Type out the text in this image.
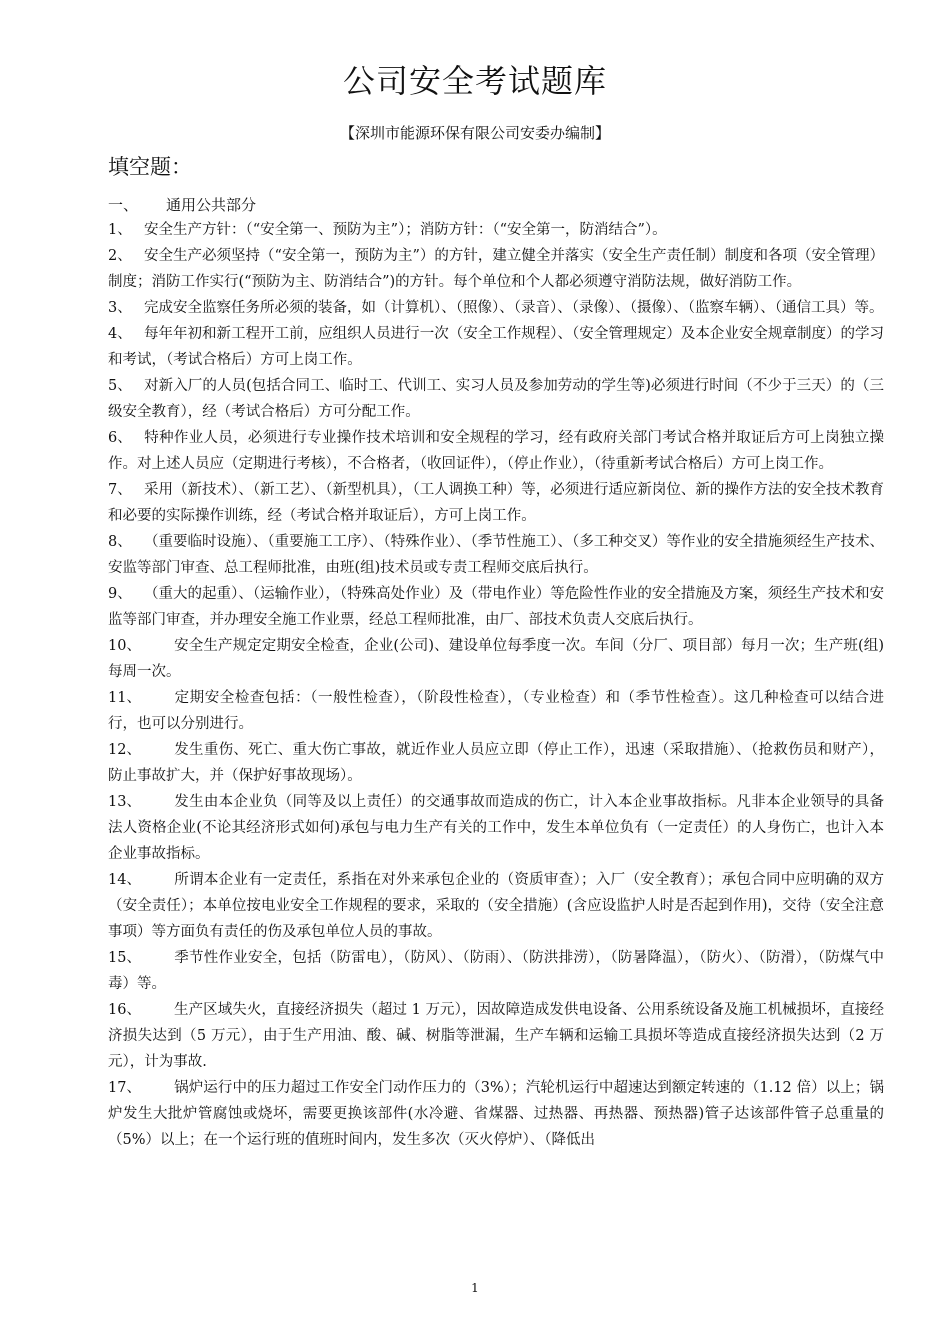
公司安全考试题库
【深圳市能源环保有限公司安委办编制】
填空题：
一、 通用公共部分

1、 安全生产方针：（“安全第一、预防为主”）；消防方针：（“安全第一，防消结合”）。

2、 安全生产必须坚持（“安全第一，预防为主”）的方针，建立健全并落实（安全生产责任制）制度和各项（安全管理）制度；消防工作实行(“预防为主、防消结合”)的方针。每个单位和个人都必须遵守消防法规，做好消防工作。

3、 完成安全监察任务所必须的装备，如（计算机）、（照像）、（录音）、（录像）、（摄像）、（监察车辆）、（通信工具）等。

4、 每年年初和新工程开工前，应组织人员进行一次（安全工作规程）、（安全管理规定）及本企业安全规章制度）的学习和考试，（考试合格后）方可上岗工作。

5、 对新入厂的人员(包括合同工、临时工、代训工、实习人员及参加劳动的学生等)必须进行时间（不少于三天）的（三级安全教育），经（考试合格后）方可分配工作。

6、 特种作业人员，必须进行专业操作技术培训和安全规程的学习，经有政府关部门考试合格并取证后方可上岗独立操作。对上述人员应（定期进行考核），不合格者，（收回证件），（停止作业），（待重新考试合格后）方可上岗工作。

7、 采用（新技术）、（新工艺）、（新型机具），（工人调换工种）等，必须进行适应新岗位、新的操作方法的安全技术教育和必要的实际操作训练，经（考试合格并取证后），方可上岗工作。

8、 （重要临时设施）、（重要施工工序）、（特殊作业）、（季节性施工）、（多工种交叉）等作业的安全措施须经生产技术、安监等部门审查、总工程师批准，由班(组)技术员或专责工程师交底后执行。

9、 （重大的起重）、（运输作业），（特殊高处作业）及（带电作业）等危险性作业的安全措施及方案，须经生产技术和安监等部门审查，并办理安全施工作业票，经总工程师批准，由厂、部技术负责人交底后执行。

10、 安全生产规定定期安全检查，企业(公司)、建设单位每季度一次。车间（分厂、项目部）每月一次；生产班(组)每周一次。

11、 定期安全检查包括：（一般性检查），（阶段性检查），（专业检查）和（季节性检查）。这几种检查可以结合进行，也可以分别进行。

12、 发生重伤、死亡、重大伤亡事故，就近作业人员应立即（停止工作），迅速（采取措施）、（抢救伤员和财产），防止事故扩大，并（保护好事故现场）。

13、 发生由本企业负（同等及以上责任）的交通事故而造成的伤亡，计入本企业事故指标。凡非本企业领导的具备法人资格企业(不论其经济形式如何)承包与电力生产有关的工作中，发生本单位负有（一定责任）的人身伤亡，也计入本企业事故指标。

14、 所谓本企业有一定责任，系指在对外来承包企业的（资质审查）；入厂（安全教育）；承包合同中应明确的双方（安全责任）；本单位按电业安全工作规程的要求，采取的（安全措施）(含应设监护人时是否起到作用)，交待（安全注意事项）等方面负有责任的伤及承包单位人员的事故。

15、 季节性作业安全，包括（防雷电），（防风）、（防雨）、（防洪排涝），（防暑降温），（防火）、（防滑），（防煤气中毒）等。

16、 生产区域失火，直接经济损失（超过 1 万元），因故障造成发供电设备、公用系统设备及施工机械损坏，直接经济损失达到（5 万元），由于生产用油、酸、碱、树脂等泄漏，生产车辆和运输工具损坏等造成直接经济损失达到（2 万元），计为事故.

17、 锅炉运行中的压力超过工作安全门动作压力的（3%）；汽轮机运行中超速达到额定转速的（1.12 倍）以上；锅炉发生大批炉管腐蚀或烧坏，需要更换该部件(水冷避、省煤器、过热器、再热器、预热器)管子达该部件管子总重量的（5%）以上；在一个运行班的值班时间内，发生多次（灭火停炉）、（降低出

1
